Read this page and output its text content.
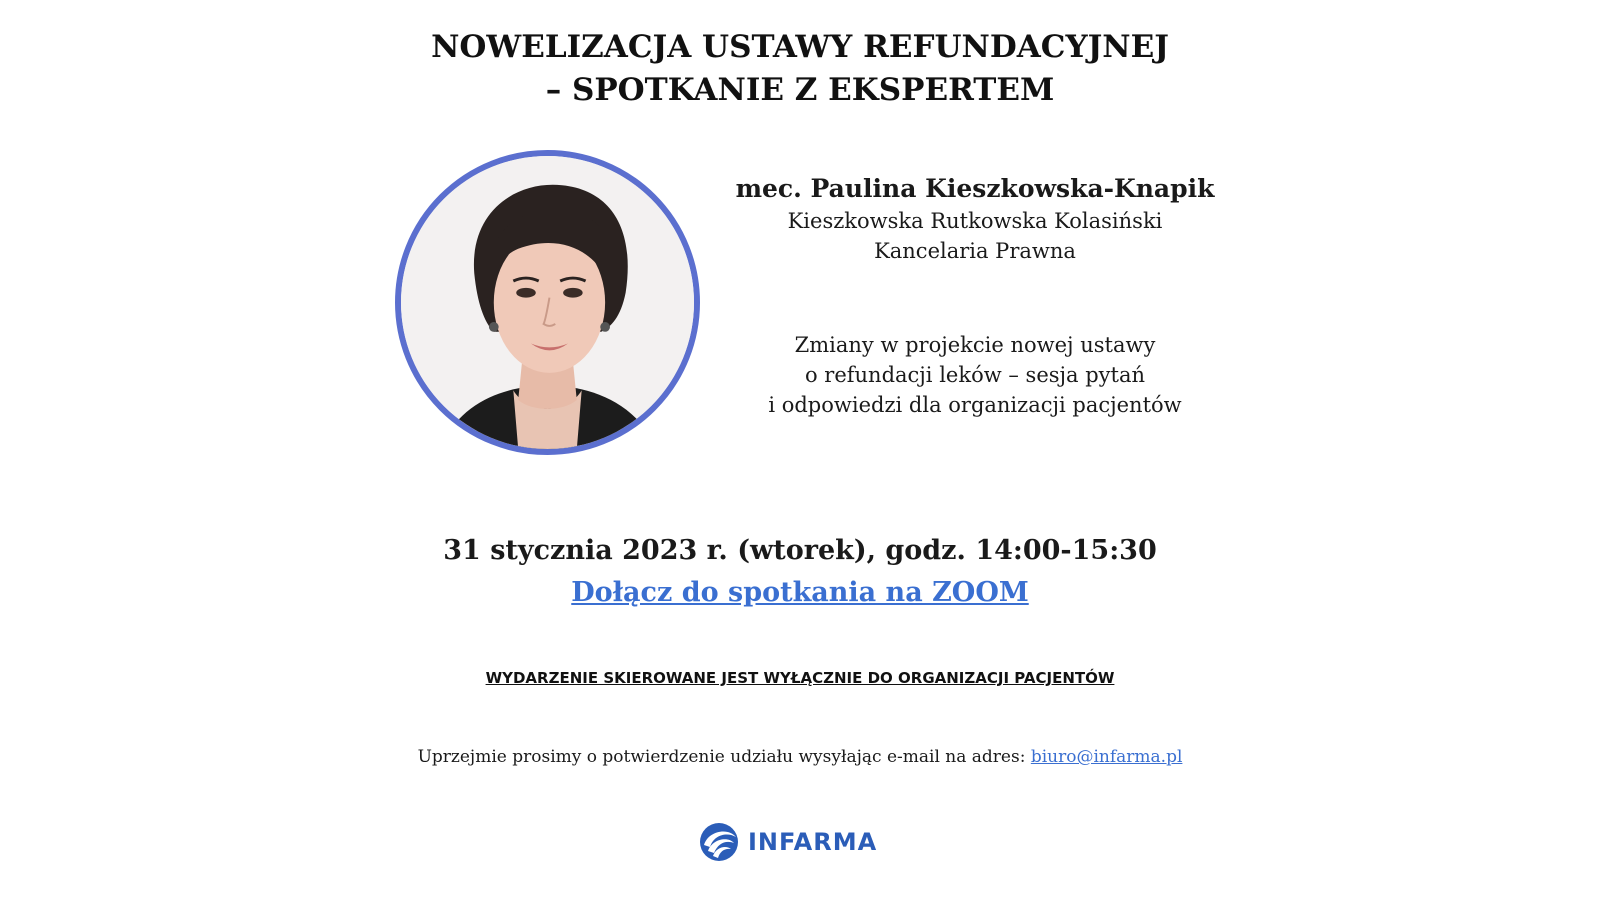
NOWELIZACJA USTAWY REFUNDACYJNEJ
– SPOTKANIE Z EKSPERTEM
mec. Paulina Kieszkowska-Knapik
Kieszkowska Rutkowska Kolasiński
Kancelaria Prawna
Zmiany w projekcie nowej ustawy
o refundacji leków – sesja pytań
i odpowiedzi dla organizacji pacjentów
31 stycznia 2023 r. (wtorek), godz. 14:00-15:30
Dołącz do spotkania na ZOOM
WYDARZENIE SKIEROWANE JEST WYŁĄCZNIE DO ORGANIZACJI PACJENTÓW
Uprzejmie prosimy o potwierdzenie udziału wysyłając e-mail na adres: biuro@infarma.pl
INFARMA
